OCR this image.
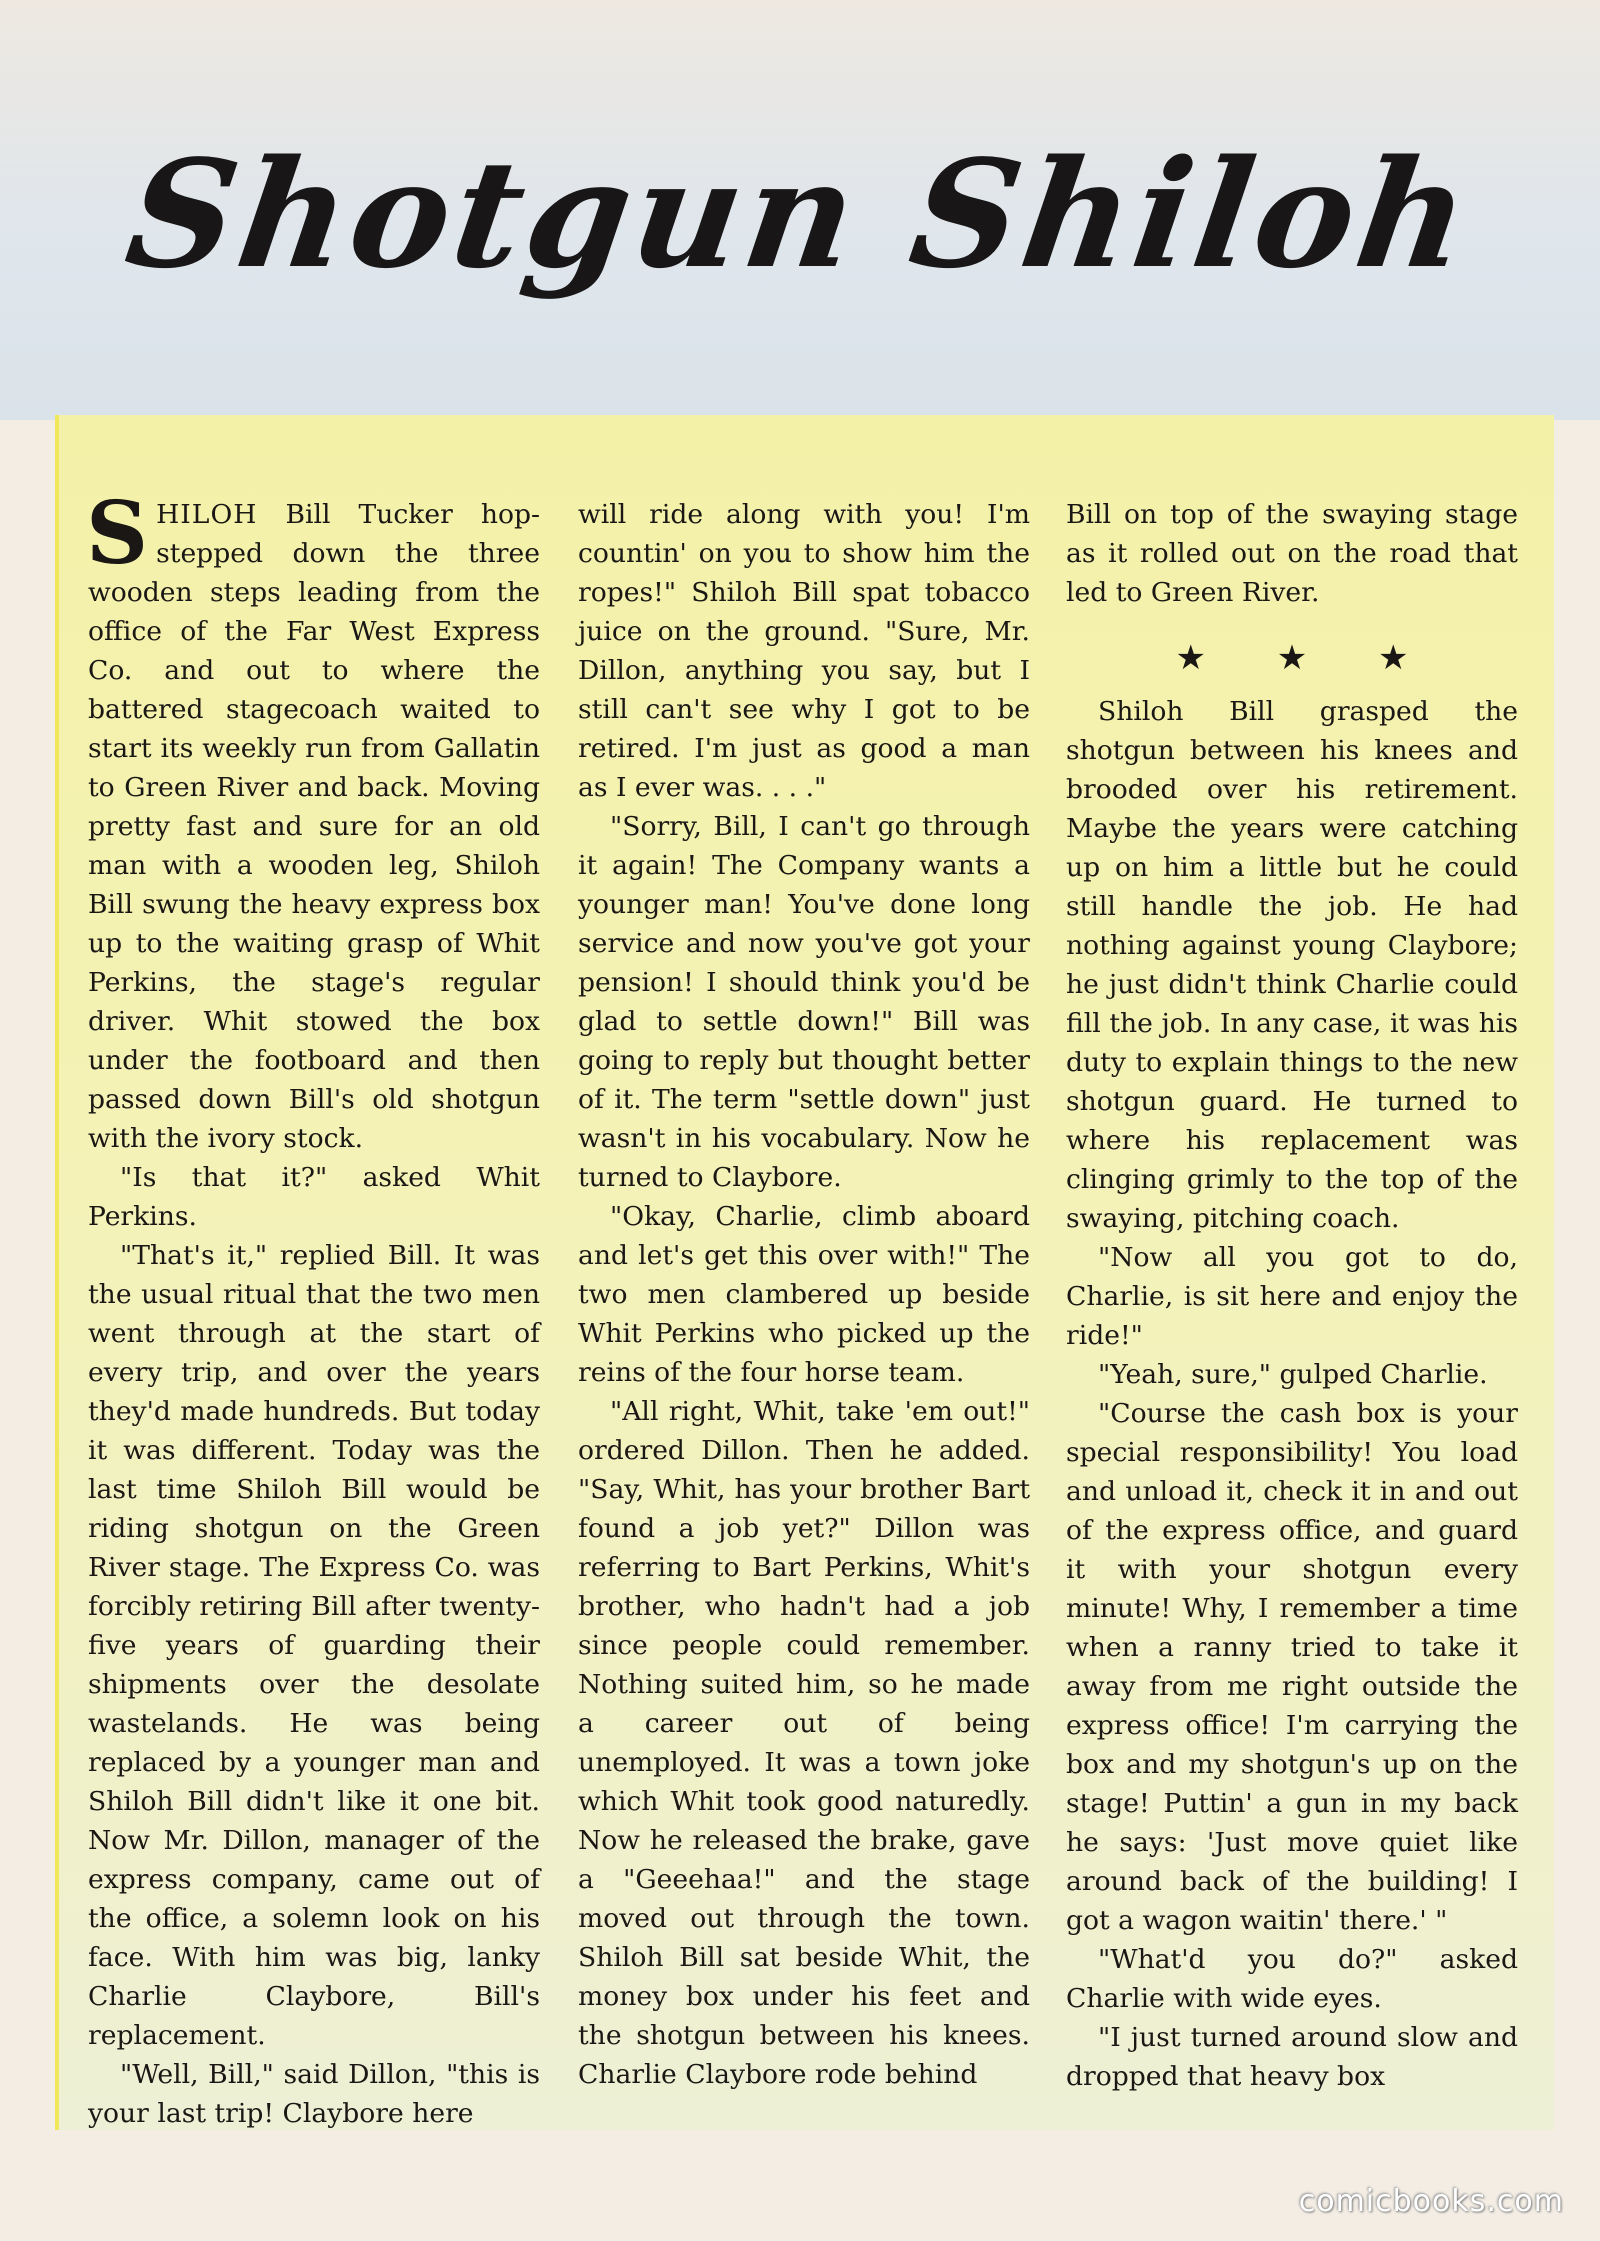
Shotgun Shiloh

SHILOH Bill Tucker hop-stepped down the three wooden steps leading from the office of the Far West Express Co. and out to where the battered stagecoach waited to start its weekly run from Gallatin to Green River and back. Moving pretty fast and sure for an old man with a wooden leg, Shiloh Bill swung the heavy express box up to the waiting grasp of Whit Perkins, the stage's regular driver. Whit stowed the box under the footboard and then passed down Bill's old shotgun with the ivory stock.

"Is that it?" asked Whit Perkins.

"That's it," replied Bill. It was the usual ritual that the two men went through at the start of every trip, and over the years they'd made hundreds. But today it was different. Today was the last time Shiloh Bill would be riding shotgun on the Green River stage. The Express Co. was forcibly retiring Bill after twenty-five years of guarding their shipments over the desolate wastelands. He was being replaced by a younger man and Shiloh Bill didn't like it one bit. Now Mr. Dillon, manager of the express company, came out of the office, a solemn look on his face. With him was big, lanky Charlie Claybore, Bill's replacement.

"Well, Bill," said Dillon, "this is your last trip! Claybore here

will ride along with you! I'm countin' on you to show him the ropes!" Shiloh Bill spat tobacco juice on the ground. "Sure, Mr. Dillon, anything you say, but I still can't see why I got to be retired. I'm just as good a man as I ever was. . . ."

"Sorry, Bill, I can't go through it again! The Company wants a younger man! You've done long service and now you've got your pension! I should think you'd be glad to settle down!" Bill was going to reply but thought better of it. The term "settle down" just wasn't in his vocabulary. Now he turned to Claybore.

"Okay, Charlie, climb aboard and let's get this over with!" The two men clambered up beside Whit Perkins who picked up the reins of the four horse team.

"All right, Whit, take 'em out!" ordered Dillon. Then he added. "Say, Whit, has your brother Bart found a job yet?" Dillon was referring to Bart Perkins, Whit's brother, who hadn't had a job since people could remember. Nothing suited him, so he made a career out of being unemployed. It was a town joke which Whit took good naturedly. Now he released the brake, gave a "Geeehaa!" and the stage moved out through the town. Shiloh Bill sat beside Whit, the money box under his feet and the shotgun between his knees. Charlie Claybore rode behind

Bill on top of the swaying stage as it rolled out on the road that led to Green River.

★ ★ ★

Shiloh Bill grasped the shotgun between his knees and brooded over his retirement. Maybe the years were catching up on him a little but he could still handle the job. He had nothing against young Claybore; he just didn't think Charlie could fill the job. In any case, it was his duty to explain things to the new shotgun guard. He turned to where his replacement was clinging grimly to the top of the swaying, pitching coach.

"Now all you got to do, Charlie, is sit here and enjoy the ride!"

"Yeah, sure," gulped Charlie.

"Course the cash box is your special responsibility! You load and unload it, check it in and out of the express office, and guard it with your shotgun every minute! Why, I remember a time when a ranny tried to take it away from me right outside the express office! I'm carrying the box and my shotgun's up on the stage! Puttin' a gun in my back he says: 'Just move quiet like around back of the building! I got a wagon waitin' there.' "

"What'd you do?" asked Charlie with wide eyes.

"I just turned around slow and dropped that heavy box

comicbooks.com
